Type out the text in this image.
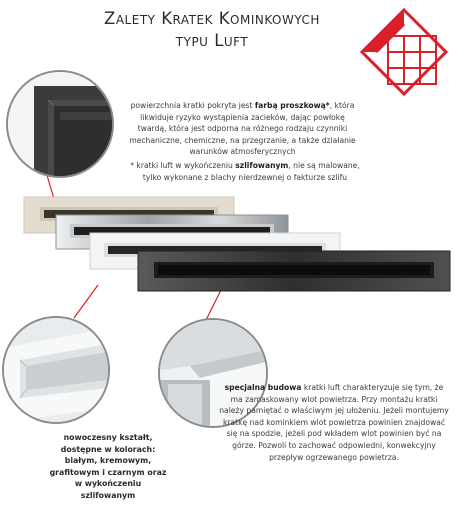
Zalety Kratek Kominkowych
typu Luft

powierzchnia kratki pokryta jest farbą proszkową*, która likwiduje ryzyko wystąpienia zacieków, dając powłokę twardą, która jest odporna na różnego rodzaju czynniki mechaniczne, chemiczne, na przegrzanie, a także działanie warunków atmosferycznych

* kratki luft w wykończeniu szlifowanym, nie są malowane, tylko wykonane z blachy nierdzewnej o fakturze szlifu

nowoczesny kształt, dostępne w kolorach: białym, kremowym, grafitowym i czarnym oraz w wykończeniu szlifowanym

specjalna budowa kratki luft charakteryzuje się tym, że ma zamaskowany wlot powietrza. Przy montażu kratki należy pamiętać o właściwym jej ułożeniu. Jeżeli montujemy kratkę nad kominkiem wlot powietrza powinien znajdować się na spodzie, jeżeli pod wkładem wlot powinien być na górze. Pozwoli to zachować odpowiedni, konwekcyjny przepływ ogrzewanego powietrza.
